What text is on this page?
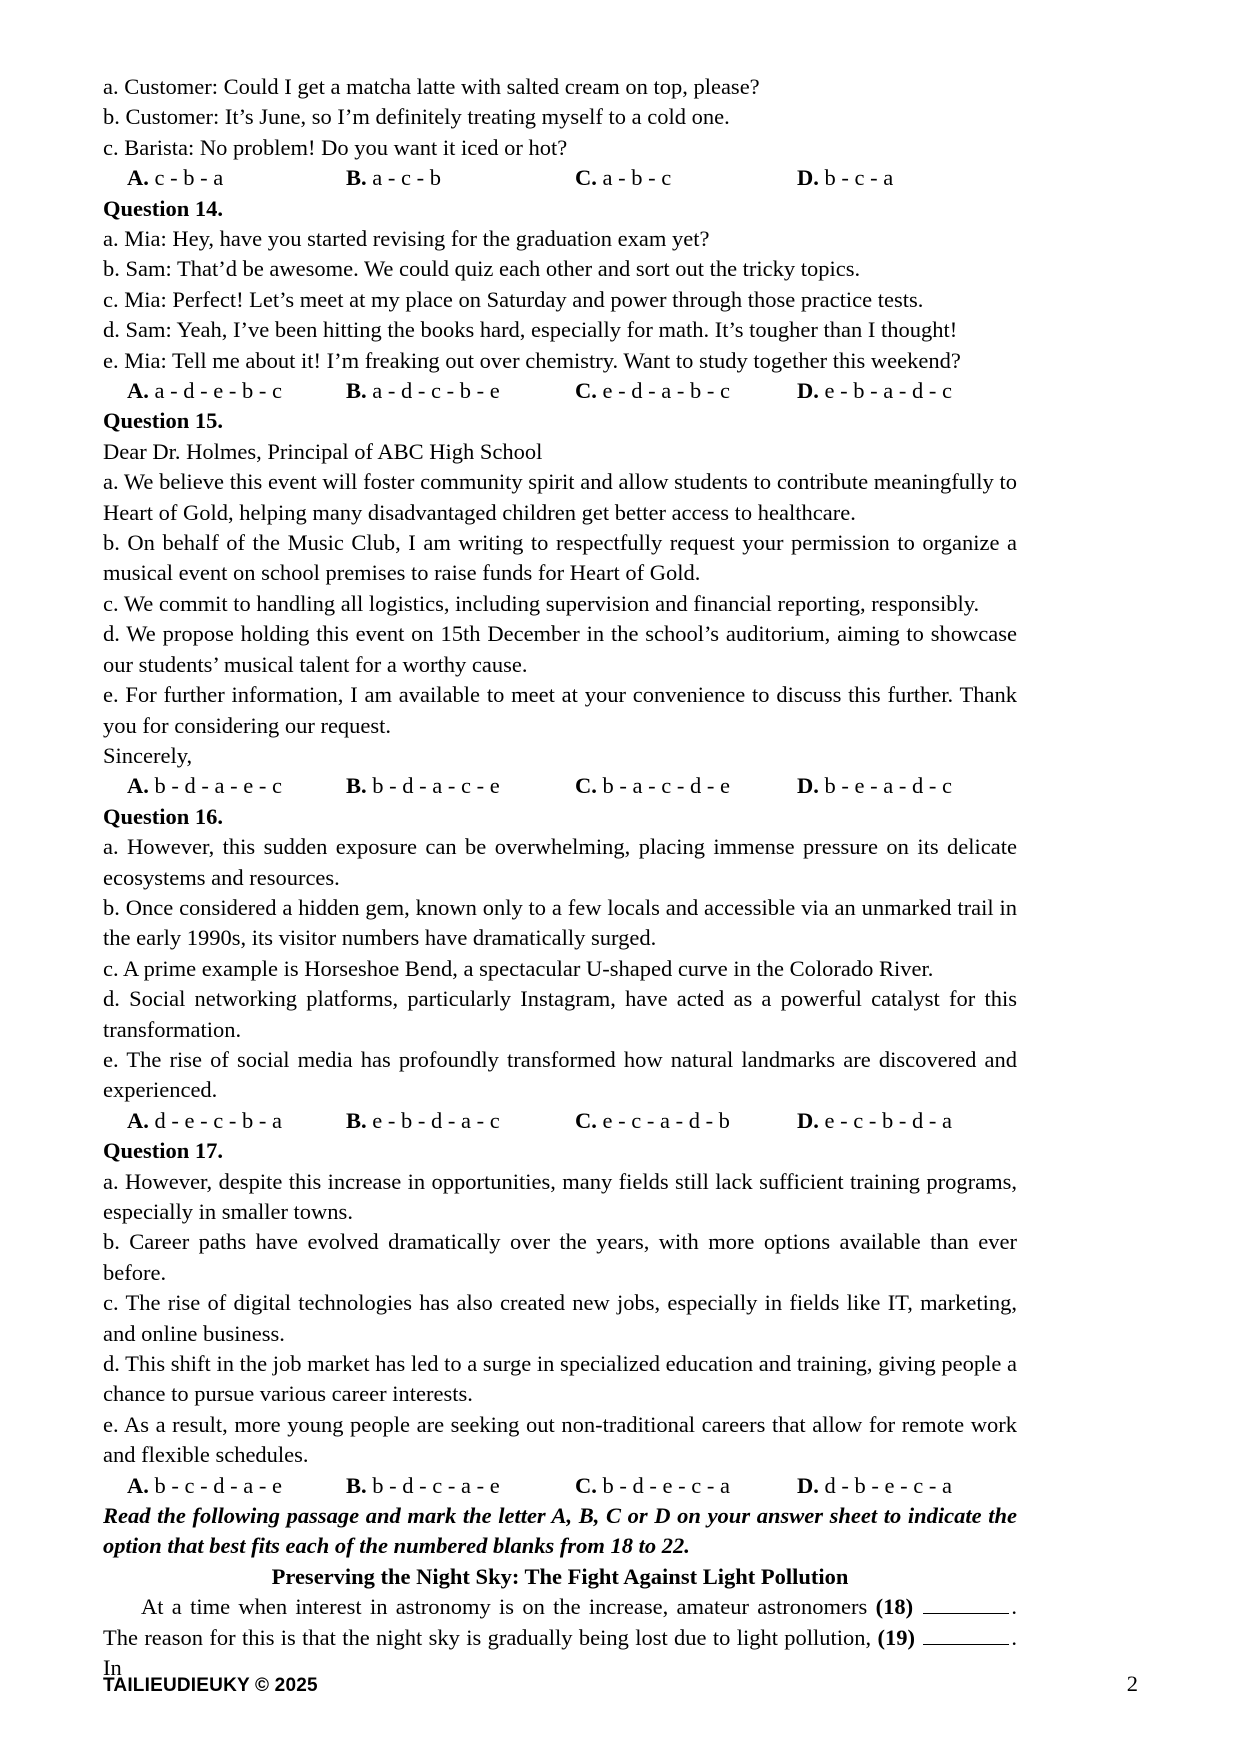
a. Customer: Could I get a matcha latte with salted cream on top, please?

b. Customer: It’s June, so I’m definitely treating myself to a cold one.

c. Barista: No problem! Do you want it iced or hot?

A. c - b - a	B. a - c - b	C. a - b - c	D. b - c - a

Question 14.

a. Mia: Hey, have you started revising for the graduation exam yet?

b. Sam: That’d be awesome. We could quiz each other and sort out the tricky topics.

c. Mia: Perfect! Let’s meet at my place on Saturday and power through those practice tests.

d. Sam: Yeah, I’ve been hitting the books hard, especially for math. It’s tougher than I thought!

e. Mia: Tell me about it! I’m freaking out over chemistry. Want to study together this weekend?

A. a - d - e - b - c	B. a - d - c - b - e	C. e - d - a - b - c	D. e - b - a - d - c

Question 15.

Dear Dr. Holmes, Principal of ABC High School

a. We believe this event will foster community spirit and allow students to contribute meaningfully to Heart of Gold, helping many disadvantaged children get better access to healthcare.

b. On behalf of the Music Club, I am writing to respectfully request your permission to organize a musical event on school premises to raise funds for Heart of Gold.

c. We commit to handling all logistics, including supervision and financial reporting, responsibly.

d. We propose holding this event on 15th December in the school’s auditorium, aiming to showcase our students’ musical talent for a worthy cause.

e. For further information, I am available to meet at your convenience to discuss this further. Thank you for considering our request.

Sincerely,

A. b - d - a - e - c	B. b - d - a - c - e	C. b - a - c - d - e	D. b - e - a - d - c

Question 16.

a. However, this sudden exposure can be overwhelming, placing immense pressure on its delicate ecosystems and resources.

b. Once considered a hidden gem, known only to a few locals and accessible via an unmarked trail in the early 1990s, its visitor numbers have dramatically surged.

c. A prime example is Horseshoe Bend, a spectacular U-shaped curve in the Colorado River.

d. Social networking platforms, particularly Instagram, have acted as a powerful catalyst for this transformation.

e. The rise of social media has profoundly transformed how natural landmarks are discovered and experienced.

A. d - e - c - b - a	B. e - b - d - a - c	C. e - c - a - d - b	D. e - c - b - d - a

Question 17.

a. However, despite this increase in opportunities, many fields still lack sufficient training programs, especially in smaller towns.

b. Career paths have evolved dramatically over the years, with more options available than ever before.

c. The rise of digital technologies has also created new jobs, especially in fields like IT, marketing, and online business.

d. This shift in the job market has led to a surge in specialized education and training, giving people a chance to pursue various career interests.

e. As a result, more young people are seeking out non-traditional careers that allow for remote work and flexible schedules.

A. b - c - d - a - e	B. b - d - c - a - e	C. b - d - e - c - a	D. d - b - e - c - a

Read the following passage and mark the letter A, B, C or D on your answer sheet to indicate the option that best fits each of the numbered blanks from 18 to 22.

Preserving the Night Sky: The Fight Against Light Pollution

At a time when interest in astronomy is on the increase, amateur astronomers (18)	. The reason for this is that the night sky is gradually being lost due to light pollution, (19)	. In

TAILIEUDIEUKY © 2025	2
